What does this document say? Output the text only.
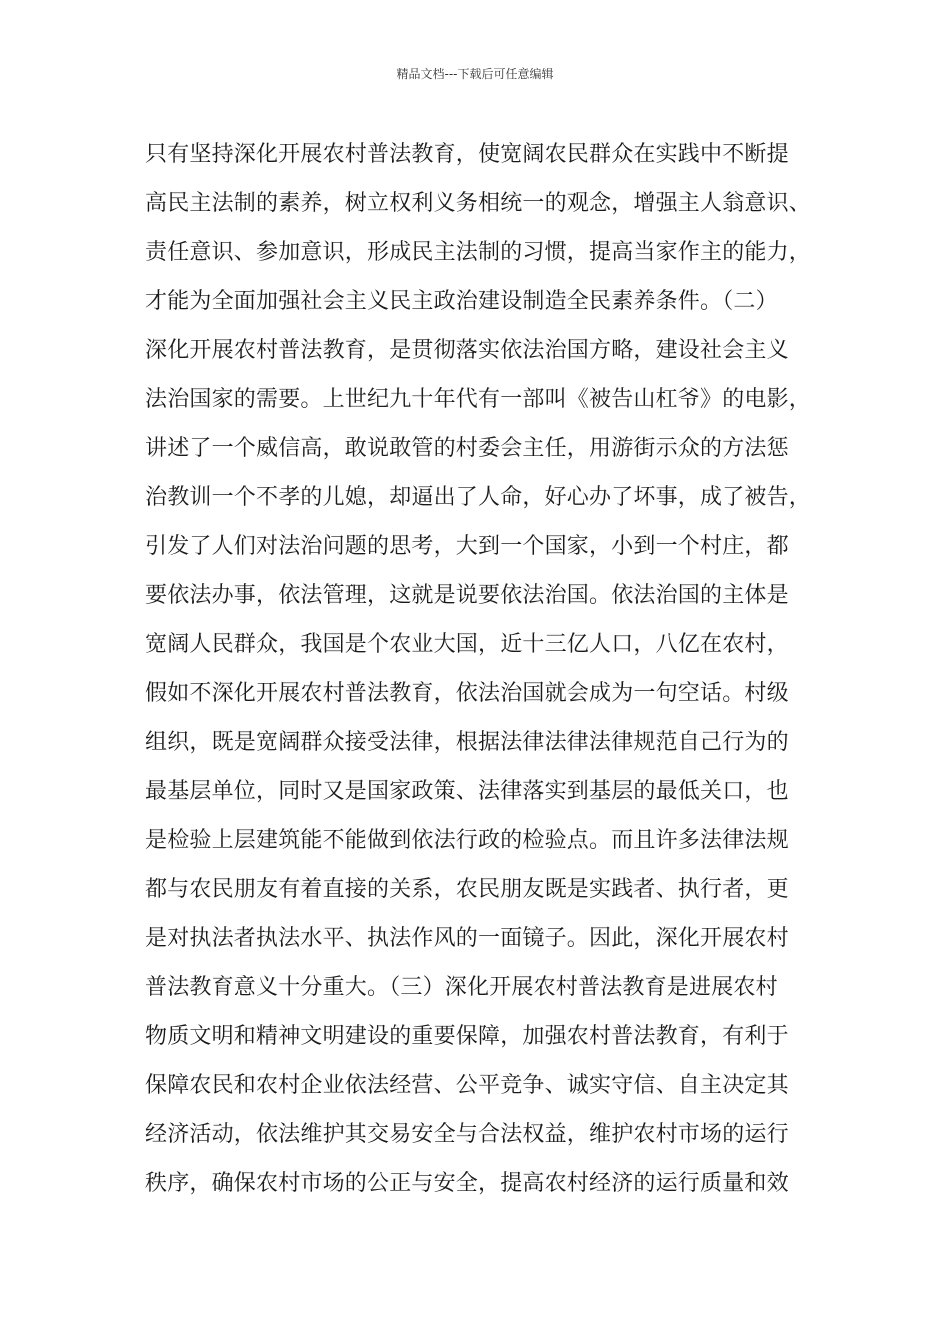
精品文档---下载后可任意编辑
只有坚持深化开展农村普法教育，使宽阔农民群众在实践中不断提
高民主法制的素养，树立权利义务相统一的观念，增强主人翁意识、
责任意识、参加意识，形成民主法制的习惯，提高当家作主的能力，
才能为全面加强社会主义民主政治建设制造全民素养条件。（二）
深化开展农村普法教育，是贯彻落实依法治国方略，建设社会主义
法治国家的需要。上世纪九十年代有一部叫《被告山杠爷》的电影，
讲述了一个威信高，敢说敢管的村委会主任，用游街示众的方法惩
治教训一个不孝的儿媳，却逼出了人命，好心办了坏事，成了被告，
引发了人们对法治问题的思考，大到一个国家，小到一个村庄，都
要依法办事，依法管理，这就是说要依法治国。依法治国的主体是
宽阔人民群众，我国是个农业大国，近十三亿人口，八亿在农村，
假如不深化开展农村普法教育，依法治国就会成为一句空话。村级
组织，既是宽阔群众接受法律，根据法律法律法律规范自己行为的
最基层单位，同时又是国家政策、法律落实到基层的最低关口，也
是检验上层建筑能不能做到依法行政的检验点。而且许多法律法规
都与农民朋友有着直接的关系，农民朋友既是实践者、执行者，更
是对执法者执法水平、执法作风的一面镜子。因此，深化开展农村
普法教育意义十分重大。（三）深化开展农村普法教育是进展农村
物质文明和精神文明建设的重要保障，加强农村普法教育，有利于
保障农民和农村企业依法经营、公平竞争、诚实守信、自主决定其
经济活动，依法维护其交易安全与合法权益，维护农村市场的运行
秩序，确保农村市场的公正与安全，提高农村经济的运行质量和效
